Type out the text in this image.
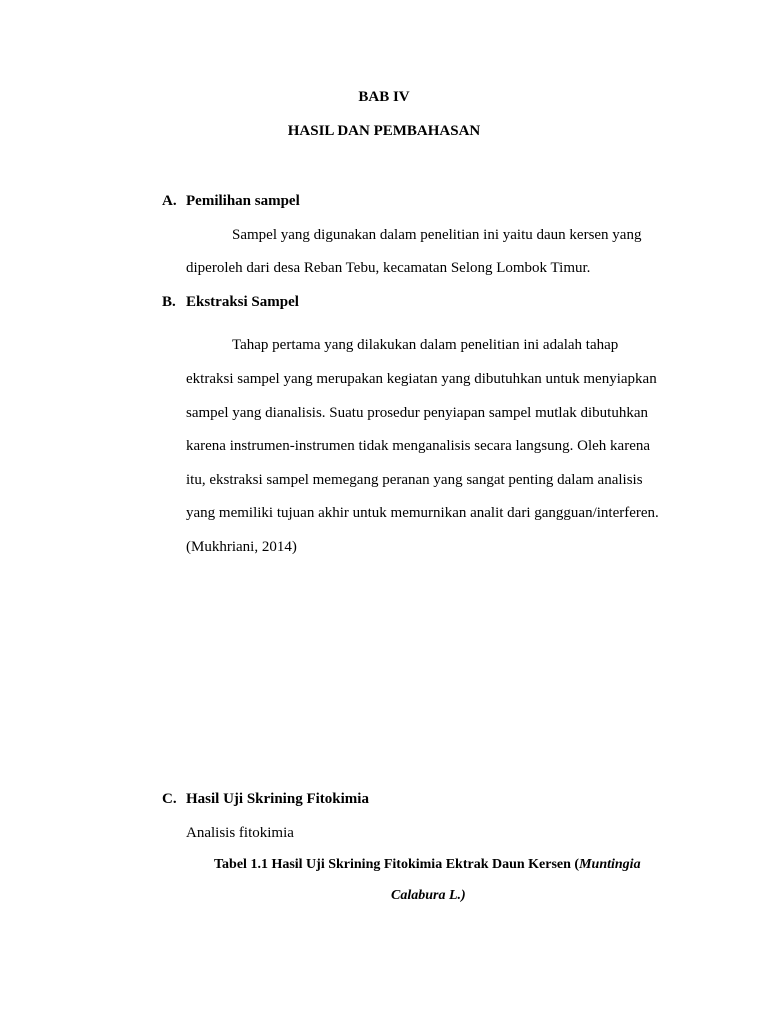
BAB IV
HASIL DAN PEMBAHASAN
A. Pemilihan sampel
Sampel yang digunakan dalam penelitian ini yaitu daun kersen yang
diperoleh dari desa Reban Tebu, kecamatan Selong Lombok Timur.
B. Ekstraksi Sampel
Tahap pertama yang dilakukan dalam penelitian ini adalah tahap
ektraksi sampel yang merupakan kegiatan yang dibutuhkan untuk menyiapkan
sampel yang dianalisis. Suatu prosedur penyiapan sampel mutlak dibutuhkan
karena instrumen-instrumen tidak menganalisis secara langsung. Oleh karena
itu, ekstraksi sampel memegang peranan yang sangat penting dalam analisis
yang memiliki tujuan akhir untuk memurnikan analit dari gangguan/interferen.
(Mukhriani, 2014)
C. Hasil Uji Skrining Fitokimia
Analisis fitokimia
Tabel 1.1 Hasil Uji Skrining Fitokimia Ektrak Daun Kersen (Muntingia
Calabura L.)
